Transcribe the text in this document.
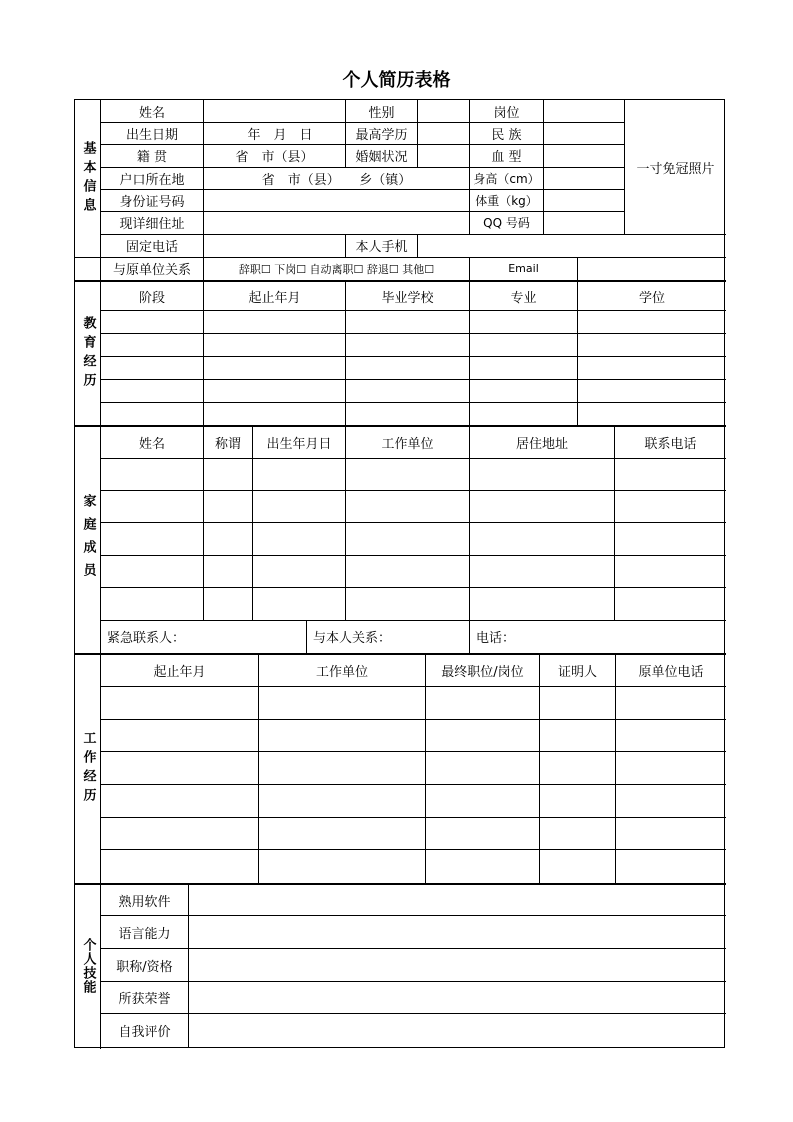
个人简历表格
基本信息
姓名	性别	岗位
出生日期	年　月　日	最高学历	民 族
籍 贯	省　市（县）	婚姻状况	血 型
户口所在地	省　市（县）　　乡（镇）	身高（cm）
身份证号码	体重（kg）
现详细住址	QQ 号码
一寸免冠照片
固定电话	本人手机
与原单位关系	辞职☐ 下岗☐ 自动离职☐ 辞退☐ 其他☐	Email
教育经历
阶段	起止年月	毕业学校	专业	学位
家庭成员
姓名	称谓	出生年月日	工作单位	居住地址	联系电话
紧急联系人：	与本人关系：	电话：
工作经历
起止年月	工作单位	最终职位/岗位	证明人	原单位电话
个人技能
熟用软件
语言能力
职称/资格
所获荣誉
自我评价
